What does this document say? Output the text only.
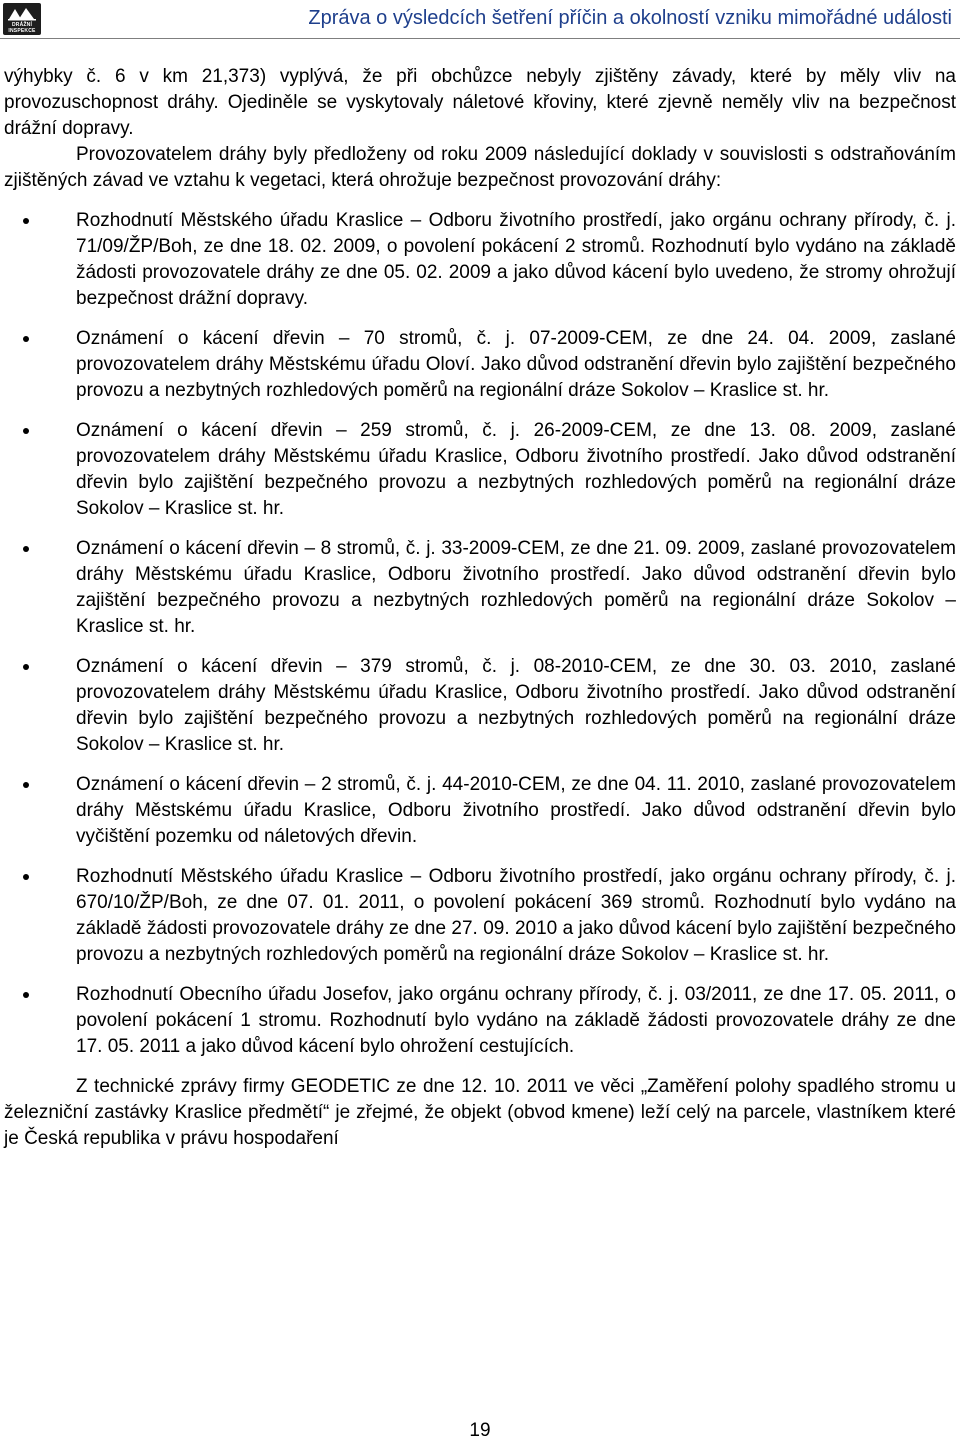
DRÁŽNÍ
INSPEKCE
Zpráva o výsledcích šetření příčin a okolností vzniku mimořádné události

výhybky č. 6 v km 21,373) vyplývá, že při obchůzce nebyly zjištěny závady, které by měly vliv na provozuschopnost dráhy. Ojediněle se vyskytovaly náletové křoviny, které zjevně neměly vliv na bezpečnost drážní dopravy.

Provozovatelem dráhy byly předloženy od roku 2009 následující doklady v souvislosti s odstraňováním zjištěných závad ve vztahu k vegetaci, která ohrožuje bezpečnost provozování dráhy:

Rozhodnutí Městského úřadu Kraslice – Odboru životního prostředí, jako orgánu ochrany přírody, č. j. 71/09/ŽP/Boh, ze dne 18. 02. 2009, o povolení pokácení 2 stromů. Rozhodnutí bylo vydáno na základě žádosti provozovatele dráhy ze dne 05. 02. 2009 a jako důvod kácení bylo uvedeno, že stromy ohrožují bezpečnost drážní dopravy.
Oznámení o kácení dřevin – 70 stromů, č. j. 07-2009-CEM, ze dne 24. 04. 2009, zaslané provozovatelem dráhy Městskému úřadu Oloví. Jako důvod odstranění dřevin bylo zajištění bezpečného provozu a nezbytných rozhledových poměrů na regionální dráze Sokolov – Kraslice st. hr.
Oznámení o kácení dřevin – 259 stromů, č. j. 26-2009-CEM, ze dne 13. 08. 2009, zaslané provozovatelem dráhy Městskému úřadu Kraslice, Odboru životního prostředí. Jako důvod odstranění dřevin bylo zajištění bezpečného provozu a nezbytných rozhledových poměrů na regionální dráze Sokolov – Kraslice st. hr.
Oznámení o kácení dřevin – 8 stromů, č. j. 33-2009-CEM, ze dne 21. 09. 2009, zaslané provozovatelem dráhy Městskému úřadu Kraslice, Odboru životního prostředí. Jako důvod odstranění dřevin bylo zajištění bezpečného provozu a nezbytných rozhledových poměrů na regionální dráze Sokolov – Kraslice st. hr.
Oznámení o kácení dřevin – 379 stromů, č. j. 08-2010-CEM, ze dne 30. 03. 2010, zaslané provozovatelem dráhy Městskému úřadu Kraslice, Odboru životního prostředí. Jako důvod odstranění dřevin bylo zajištění bezpečného provozu a nezbytných rozhledových poměrů na regionální dráze Sokolov – Kraslice st. hr.
Oznámení o kácení dřevin – 2 stromů, č. j. 44-2010-CEM, ze dne 04. 11. 2010, zaslané provozovatelem dráhy Městskému úřadu Kraslice, Odboru životního prostředí. Jako důvod odstranění dřevin bylo vyčištění pozemku od náletových dřevin.
Rozhodnutí Městského úřadu Kraslice – Odboru životního prostředí, jako orgánu ochrany přírody, č. j. 670/10/ŽP/Boh, ze dne 07. 01. 2011, o povolení pokácení 369 stromů. Rozhodnutí bylo vydáno na základě žádosti provozovatele dráhy ze dne 27. 09. 2010 a jako důvod kácení bylo zajištění bezpečného provozu a nezbytných rozhledových poměrů na regionální dráze Sokolov – Kraslice st. hr.
Rozhodnutí Obecního úřadu Josefov, jako orgánu ochrany přírody, č. j. 03/2011, ze dne 17. 05. 2011, o povolení pokácení 1 stromu. Rozhodnutí bylo vydáno na základě žádosti provozovatele dráhy ze dne 17. 05. 2011 a jako důvod kácení bylo ohrožení cestujících.

Z technické zprávy firmy GEODETIC ze dne 12. 10. 2011 ve věci „Zaměření polohy spadlého stromu u železniční zastávky Kraslice předmětí“ je zřejmé, že objekt (obvod kmene) leží celý na parcele, vlastníkem které je Česká republika v právu hospodaření

19
